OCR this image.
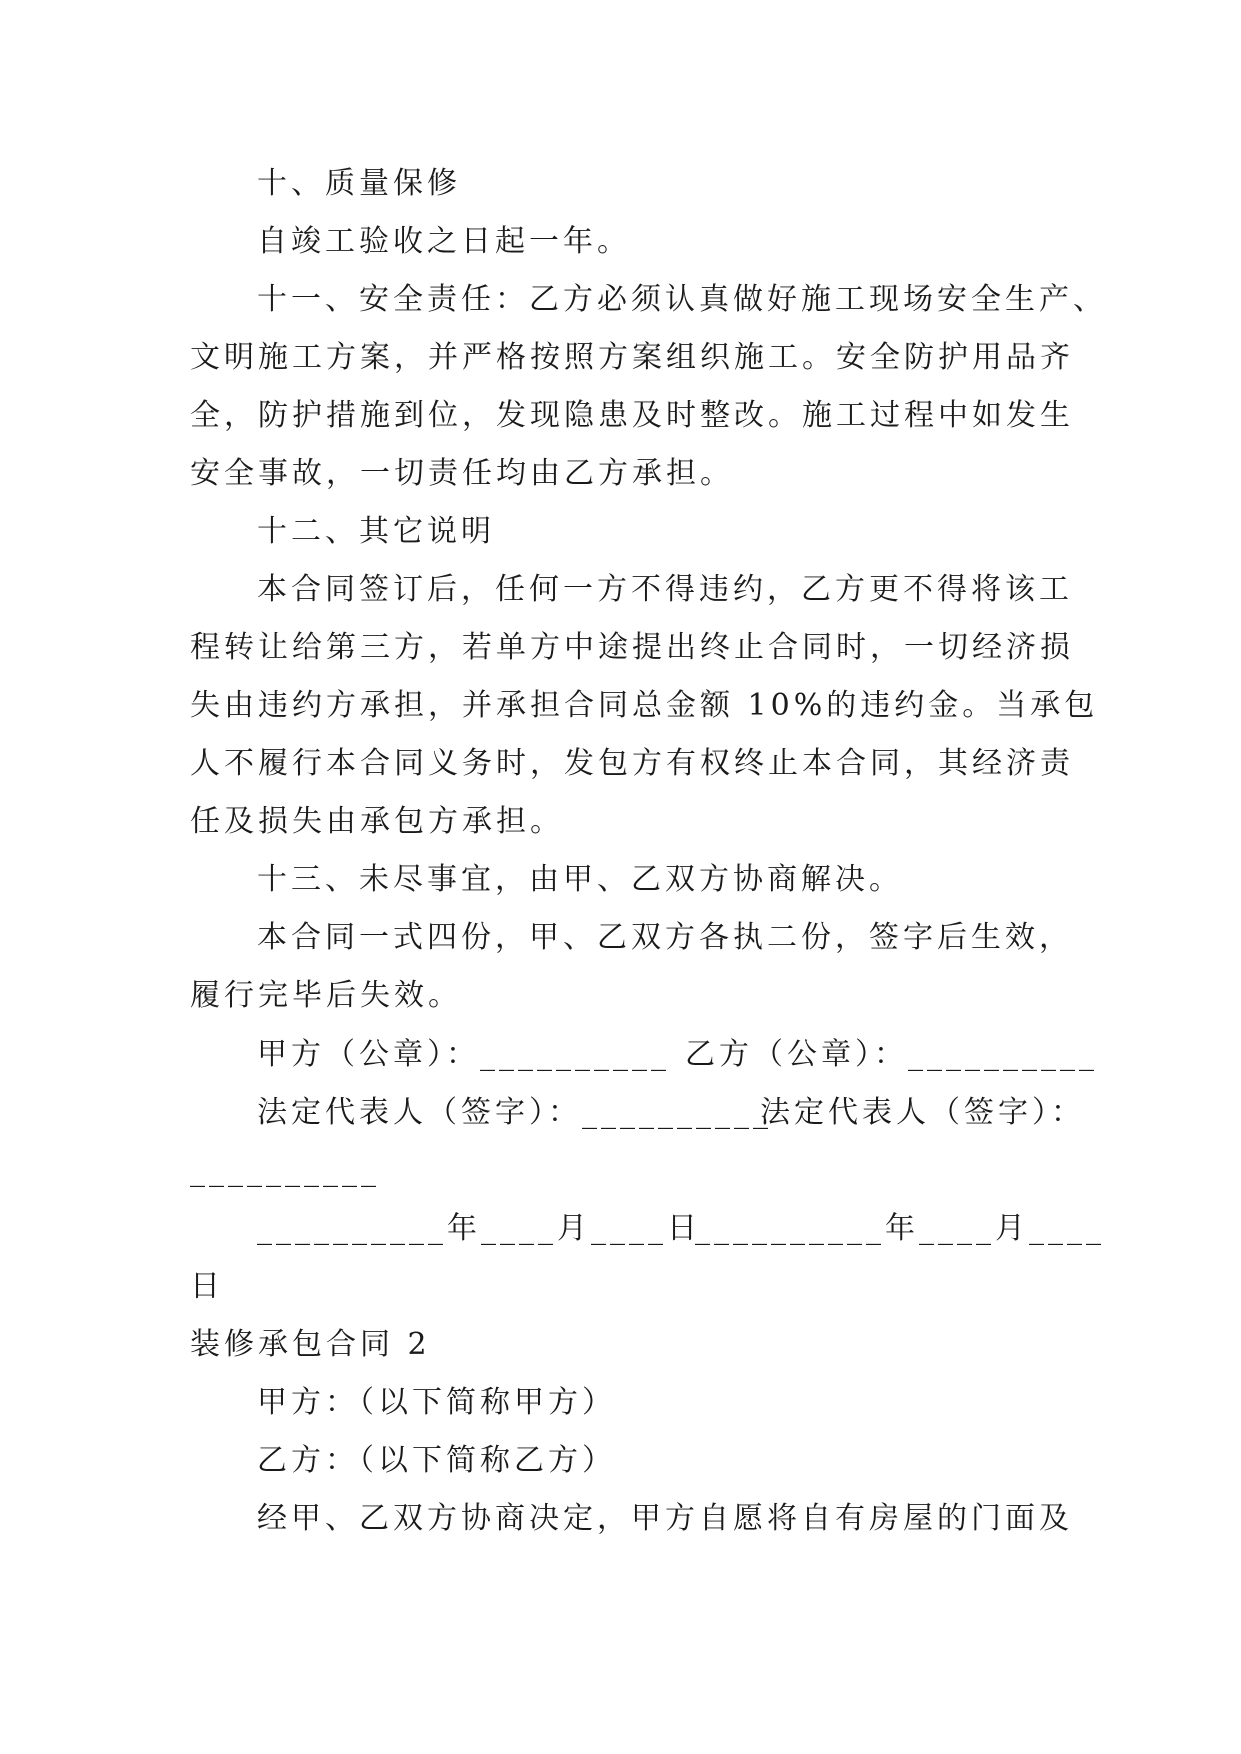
十、质量保修
自竣工验收之日起一年。
十一、安全责任：乙方必须认真做好施工现场安全生产、
文明施工方案，并严格按照方案组织施工。安全防护用品齐
全，防护措施到位，发现隐患及时整改。施工过程中如发生
安全事故，一切责任均由乙方承担。
十二、其它说明
本合同签订后，任何一方不得违约，乙方更不得将该工
程转让给第三方，若单方中途提出终止合同时，一切经济损
失由违约方承担，并承担合同总金额 10%的违约金。当承包
人不履行本合同义务时，发包方有权终止本合同，其经济责
任及损失由承包方承担。
十三、未尽事宜，由甲、乙双方协商解决。
本合同一式四份，甲、乙双方各执二份，签字后生效，
履行完毕后失效。
甲方（公章）：__________ 乙方（公章）：__________
法定代表人（签字）：__________
法定代表人（签字）：
__________
__________年____月____日
__________年____月____
日
装修承包合同 2
甲方：（以下简称甲方）
乙方：（以下简称乙方）
经甲、乙双方协商决定，甲方自愿将自有房屋的门面及
